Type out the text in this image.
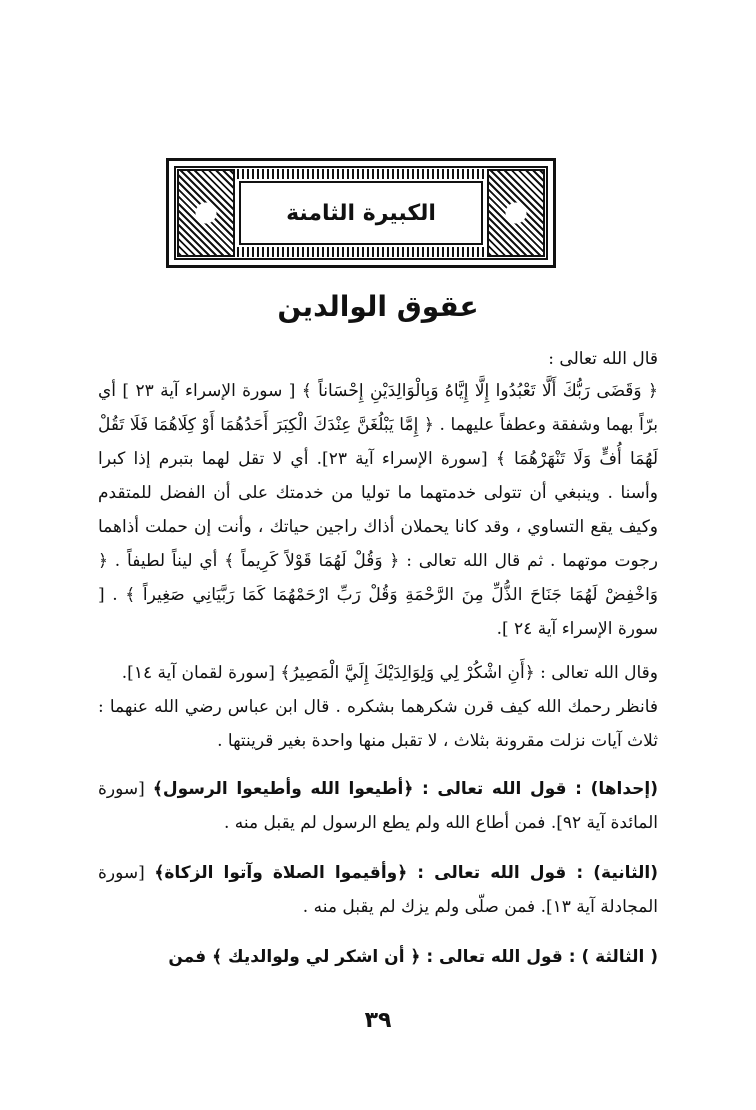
الكبيرة الثامنة
عقوق الوالدين

قال الله تعالى :

﴿ وَقَضَى رَبُّكَ أَلَّا تَعْبُدُوا إِلَّا إِيَّاهُ وَبِالْوَالِدَيْنِ إِحْسَاناً ﴾ [ سورة الإسراء آية ٢٣ ] أي برّاً بهما وشفقة وعطفاً عليهما . ﴿ إِمَّا يَبْلُغَنَّ عِنْدَكَ الْكِبَرَ أَحَدُهُمَا أَوْ كِلَاهُمَا فَلَا تَقُلْ لَهُمَا أُفٍّ وَلَا تَنْهَرْهُمَا ﴾ [سورة الإسراء آية ٢٣]. أي لا تقل لهما بتبرم إذا كبرا وأسنا . وينبغي أن تتولى خدمتهما ما توليا من خدمتك على أن الفضل للمتقدم وكيف يقع التساوي ، وقد كانا يحملان أذاك راجين حياتك ، وأنت إن حملت أذاهما رجوت موتهما . ثم قال الله تعالى : ﴿ وَقُلْ لَهُمَا قَوْلاً كَرِيماً ﴾ أي ليناً لطيفاً . ﴿ وَاخْفِضْ لَهُمَا جَنَاحَ الذُّلِّ مِنَ الرَّحْمَةِ وَقُلْ رَبِّ ارْحَمْهُمَا كَمَا رَبَّيَانِي صَغِيراً ﴾ . [ سورة الإسراء آية ٢٤ ].

وقال الله تعالى : ﴿أَنِ اشْكُرْ لِي وَلِوَالِدَيْكَ إِلَيَّ الْمَصِيرُ﴾ [سورة لقمان آية ١٤].

فانظر رحمك الله كيف قرن شكرهما بشكره . قال ابن عباس رضي الله عنهما : ثلاث آيات نزلت مقرونة بثلاث ، لا تقبل منها واحدة بغير قرينتها .

(إحداها) : قول الله تعالى : ﴿أطيعوا الله وأطيعوا الرسول﴾ [سورة المائدة آية ٩٢]. فمن أطاع الله ولم يطع الرسول لم يقبل منه .

(الثانية) : قول الله تعالى : ﴿وأقيموا الصلاة وآتوا الزكاة﴾ [سورة المجادلة آية ١٣]. فمن صلّى ولم يزك لم يقبل منه .

( الثالثة ) : قول الله تعالى : ﴿ أن اشكر لي ولوالديك ﴾ فمن

٣٩
